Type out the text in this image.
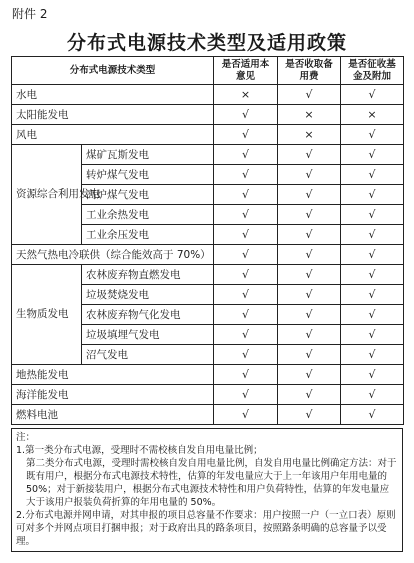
附件 2
分布式电源技术类型及适用政策
分布式电源技术类型		是否适用本意见	是否收取备用费	是否征收基金及附加
水电		×	√	√
太阳能发电		√	×	×
风电		√	×	√
资源综合利用发电	煤矿瓦斯发电	√	√	√
	转炉煤气发电	√	√	√
	高炉煤气发电	√	√	√
	工业余热发电	√	√	√
	工业余压发电	√	√	√
天然气热电冷联供（综合能效高于 70%）		√	√	√
生物质发电	农林废弃物直燃发电	√	√	√
	垃圾焚烧发电	√	√	√
	农林废弃物气化发电	√	√	√
	垃圾填埋气发电	√	√	√
	沼气发电	√	√	√
地热能发电		√	√	√
海洋能发电		√	√	√
燃料电池		√	√	√

注：

1.第一类分布式电源，受理时不需校核自发自用电量比例；

第二类分布式电源，受理时需校核自发自用电量比例，自发自用电量比例确定方法：对于既有用户，根据分布式电源技术特性，估算的年发电量应大于上一年该用户年用电量的 50%；对于新接装用户，根据分布式电源技术特性和用户负荷特性，估算的年发电量应大于该用户报装负荷折算的年用电量的 50%。

2.分布式电源并网申请，对其申报的项目总容量不作要求：用户按照一户（一立口表）原则可对多个并网点项目打捆申报；对于政府出具的路条项目，按照路条明确的总容量予以受理。
